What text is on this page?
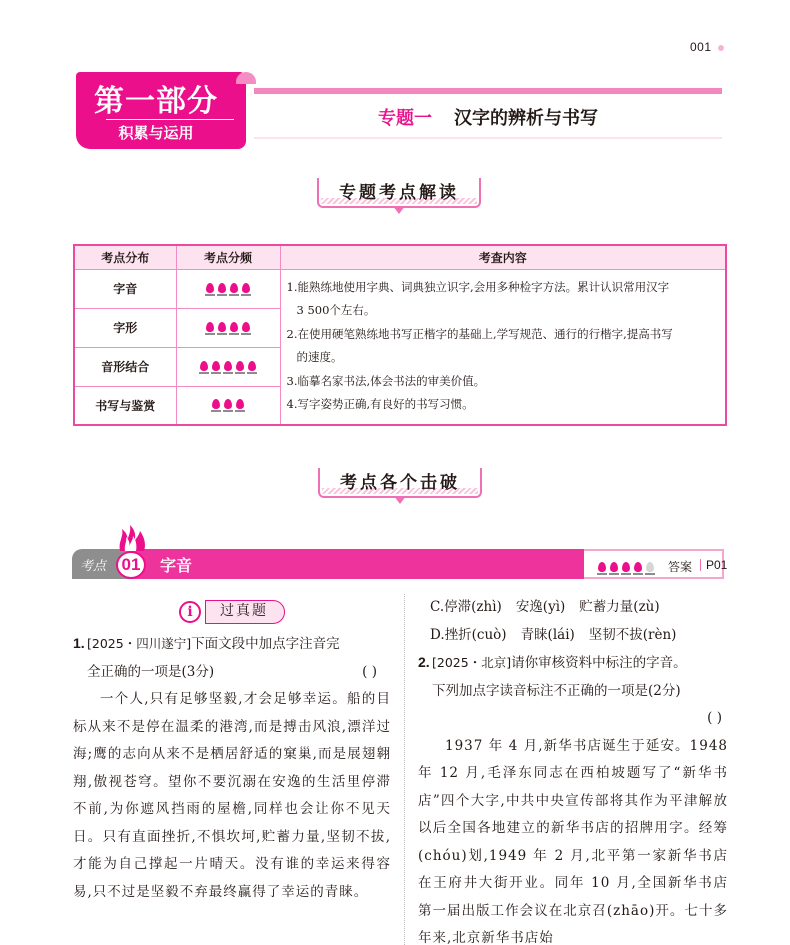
001
第一部分
积累与运用
专题一 汉字的辨析与书写
专题考点解读
考点分布	考点分频	考查内容
字音		1.能熟练地使用字典、词典独立识字,会用多种检字方法。累计认识常用汉字

3 500个左右。

2.在使用硬笔熟练地书写正楷字的基础上,学写规范、通行的行楷字,提高书写

的速度。

3.临摹名家书法,体会书法的审美价值。

4.写字姿势正确,有良好的书写习惯。

字形		
音形结合		
书写与鉴赏		
考点各个击破
考点 01	字音	答案 P01
i	过真题
1. [2025・四川遂宁]下面文段中加点字注音完
全正确的一项是(3分)	( )
一个人,只有足够坚毅,才会足够幸运。船的目标从来不是停在温柔的港湾,而是搏击风浪,漂洋过海;鹰的志向从来不是栖居舒适的窠巢,而是展翅翱翔,傲视苍穹。望你不要沉溺在安逸的生活里停滞不前,为你遮风挡雨的屋檐,同样也会让你不见天日。只有直面挫折,不惧坎坷,贮蓄力量,坚韧不拔,才能为自己撑起一片晴天。没有谁的幸运来得容易,只不过是坚毅不弃最终赢得了幸运的青睐。
C.停滞(zhì) 安逸(yì) 贮蓄力量(zù)
D.挫折(cuò) 青睐(lái) 坚韧不拔(rèn)
2. [2025・北京]请你审核资料中标注的字音。
下列加点字读音标注不正确的一项是(2分)
( )
1937 年 4 月,新华书店诞生于延安。1948 年 12 月,毛泽东同志在西柏坡题写了“新华书店”四个大字,中共中央宣传部将其作为平津解放以后全国各地建立的新华书店的招牌用字。经筹(chóu)划,1949 年 2 月,北平第一家新华书店在王府井大街开业。同年 10 月,全国新华书店第一届出版工作会议在北京召(zhāo)开。七十多年来,北京新华书店始
